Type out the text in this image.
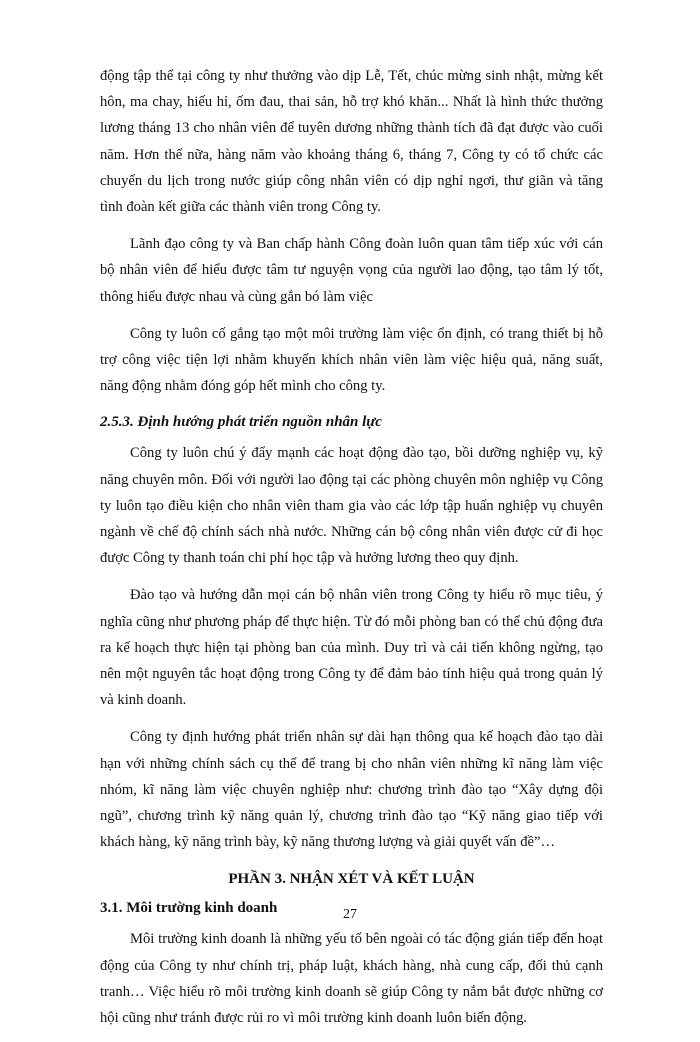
động tập thể tại công ty như thưởng vào dịp Lễ, Tết, chúc mừng sinh nhật, mừng kết hôn, ma chay, hiếu hỉ, ốm đau, thai sản, hỗ trợ khó khăn... Nhất là hình thức thưởng lương tháng 13 cho nhân viên để tuyên dương những thành tích đã đạt được vào cuối năm. Hơn thế nữa, hàng năm vào khoảng tháng 6, tháng 7, Công ty có tổ chức các chuyến du lịch trong nước giúp công nhân viên có dịp nghỉ ngơi, thư giãn và tăng tình đoàn kết giữa các thành viên trong Công ty.

Lãnh đạo công ty và Ban chấp hành Công đoàn luôn quan tâm tiếp xúc với cán bộ nhân viên để hiểu được tâm tư nguyện vọng của người lao động, tạo tâm lý tốt, thông hiểu được nhau và cùng gắn bó làm việc

Công ty luôn cố gắng tạo một môi trường làm việc ổn định, có trang thiết bị hỗ trợ công việc tiện lợi nhằm khuyến khích nhân viên làm việc hiệu quả, năng suất, năng động nhằm đóng góp hết mình cho công ty.

2.5.3. Định hướng phát triển nguồn nhân lực

Công ty luôn chú ý đẩy mạnh các hoạt động đào tạo, bồi dưỡng nghiệp vụ, kỹ năng chuyên môn. Đối với người lao động tại các phòng chuyên môn nghiệp vụ Công ty luôn tạo điều kiện cho nhân viên tham gia vào các lớp tập huấn nghiệp vụ chuyên ngành về chế độ chính sách nhà nước. Những cán bộ công nhân viên được cử đi học được Công ty thanh toán chi phí học tập và hưởng lương theo quy định.

Đào tạo và hướng dẫn mọi cán bộ nhân viên trong Công ty hiểu rõ mục tiêu, ý nghĩa cũng như phương pháp để thực hiện. Từ đó mỗi phòng ban có thể chủ động đưa ra kế hoạch thực hiện tại phòng ban của mình. Duy trì và cải tiến không ngừng, tạo nên một nguyên tắc hoạt động trong Công ty để đảm bảo tính hiệu quả trong quản lý và kinh doanh.

Công ty định hướng phát triển nhân sự dài hạn thông qua kế hoạch đào tạo dài hạn với những chính sách cụ thể để trang bị cho nhân viên những kĩ năng làm việc nhóm, kĩ năng làm việc chuyên nghiệp như: chương trình đào tạo “Xây dựng đội ngũ”, chương trình kỹ năng quản lý, chương trình đào tạo “Kỹ năng giao tiếp với khách hàng, kỹ năng trình bày, kỹ năng thương lượng và giải quyết vấn đề”…

PHẦN 3. NHẬN XÉT VÀ KẾT LUẬN
3.1. Môi trường kinh doanh

Môi trường kinh doanh là những yếu tố bên ngoài có tác động gián tiếp đến hoạt động của Công ty như chính trị, pháp luật, khách hàng, nhà cung cấp, đối thủ cạnh tranh… Việc hiểu rõ môi trường kinh doanh sẽ giúp Công ty nắm bắt được những cơ hội cũng như tránh được rủi ro vì môi trường kinh doanh luôn biến động.

27
